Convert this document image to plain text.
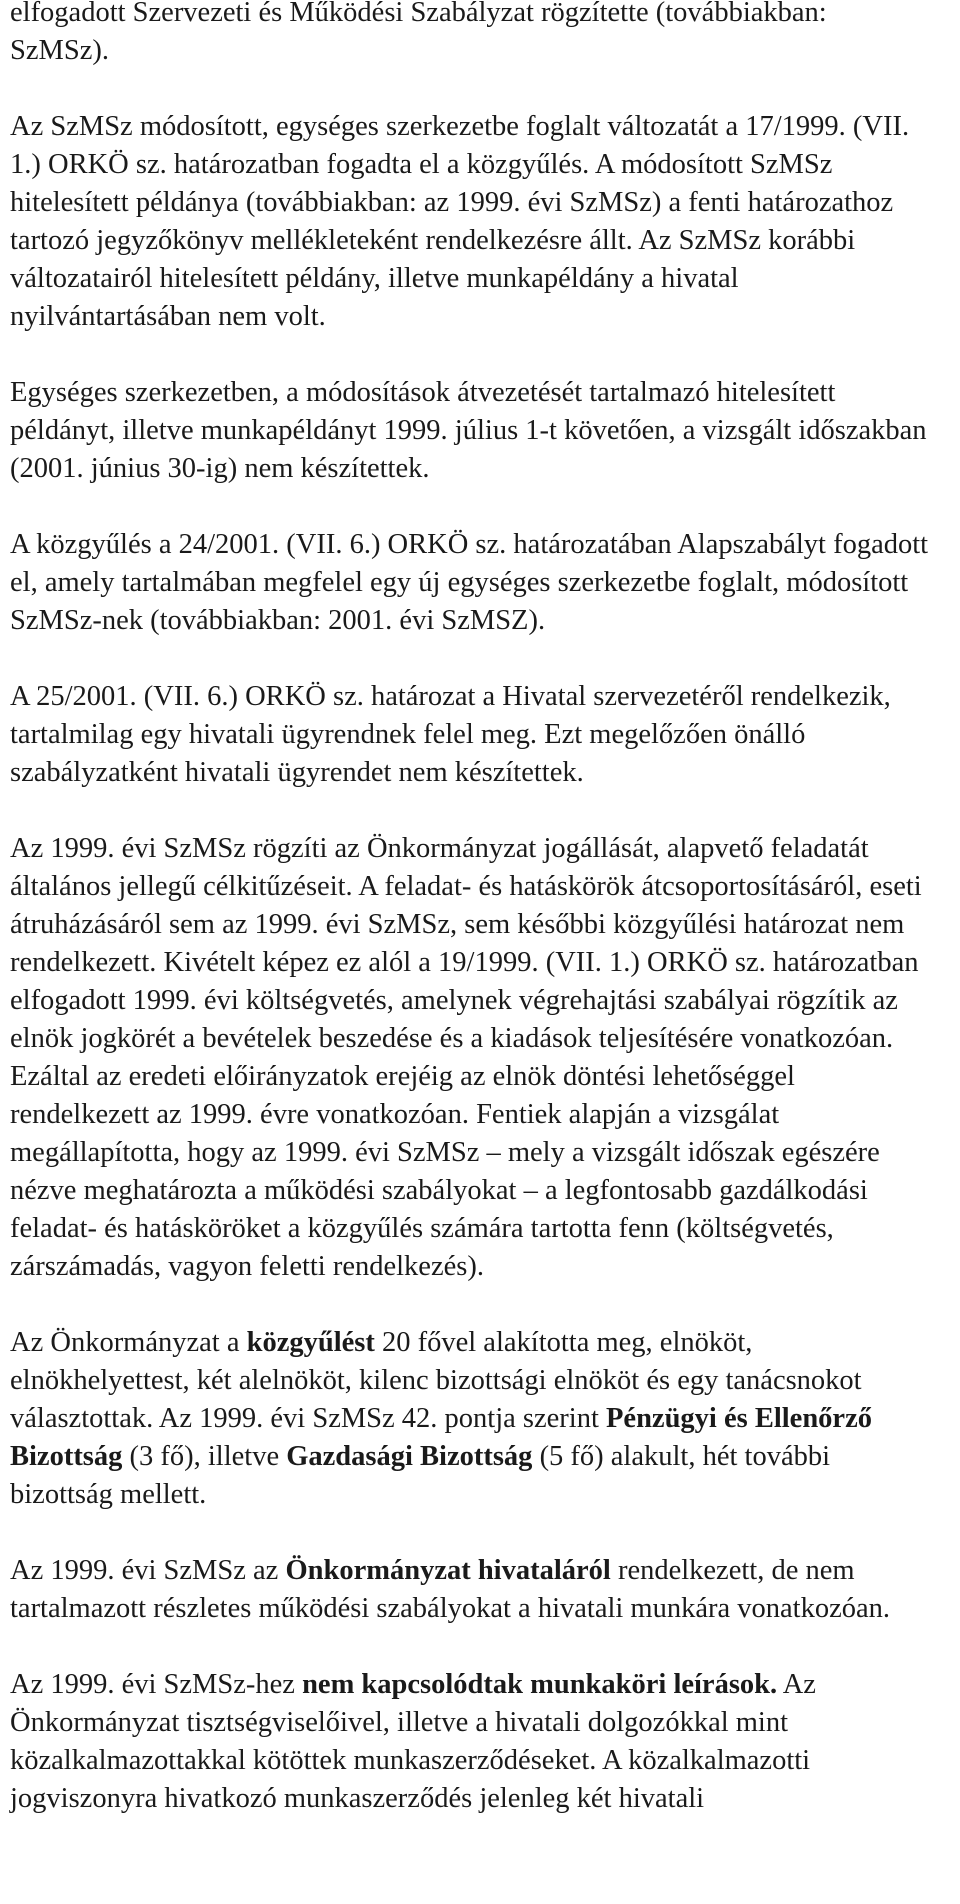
elfogadott Szervezeti és Működési Szabályzat rögzítette (továbbiakban: SzMSz).

Az SzMSz módosított, egységes szerkezetbe foglalt változatát a 17/1999. (VII. 1.) ORKÖ sz. határozatban fogadta el a közgyűlés. A módosított SzMSz hitelesített példánya (továbbiakban: az 1999. évi SzMSz) a fenti határozathoz tartozó jegyzőkönyv mellékleteként rendelkezésre állt. Az SzMSz korábbi változatairól hitelesített példány, illetve munkapéldány a hivatal nyilvántartásában nem volt.

Egységes szerkezetben, a módosítások átvezetését tartalmazó hitelesített példányt, illetve munkapéldányt 1999. július 1-t követően, a vizsgált időszakban (2001. június 30-ig) nem készítettek.

A közgyűlés a 24/2001. (VII. 6.) ORKÖ sz. határozatában Alapszabályt fogadott el, amely tartalmában megfelel egy új egységes szerkezetbe foglalt, módosított SzMSz-nek (továbbiakban: 2001. évi SzMSZ).

A 25/2001. (VII. 6.) ORKÖ sz. határozat a Hivatal szervezetéről rendelkezik, tartalmilag egy hivatali ügyrendnek felel meg. Ezt megelőzően önálló szabályzatként hivatali ügyrendet nem készítettek.

Az 1999. évi SzMSz rögzíti az Önkormányzat jogállását, alapvető feladatát általános jellegű célkitűzéseit. A feladat- és hatáskörök átcsoportosításáról, eseti átruházásáról sem az 1999. évi SzMSz, sem későbbi közgyűlési határozat nem rendelkezett. Kivételt képez ez alól a 19/1999. (VII. 1.) ORKÖ sz. határozatban elfogadott 1999. évi költségvetés, amelynek végrehajtási szabályai rögzítik az elnök jogkörét a bevételek beszedése és a kiadások teljesítésére vonatkozóan. Ezáltal az eredeti előirányzatok erejéig az elnök döntési lehetőséggel rendelkezett az 1999. évre vonatkozóan. Fentiek alapján a vizsgálat megállapította, hogy az 1999. évi SzMSz – mely a vizsgált időszak egészére nézve meghatározta a működési szabályokat – a legfontosabb gazdálkodási feladat- és hatásköröket a közgyűlés számára tartotta fenn (költségvetés, zárszámadás, vagyon feletti rendelkezés).

Az Önkormányzat a közgyűlést 20 fővel alakította meg, elnököt, elnökhelyettest, két alelnököt, kilenc bizottsági elnököt és egy tanácsnokot választottak. Az 1999. évi SzMSz 42. pontja szerint Pénzügyi és Ellenőrző Bizottság (3 fő), illetve Gazdasági Bizottság (5 fő) alakult, hét további bizottság mellett.

Az 1999. évi SzMSz az Önkormányzat hivataláról rendelkezett, de nem tartalmazott részletes működési szabályokat a hivatali munkára vonatkozóan.

Az 1999. évi SzMSz-hez nem kapcsolódtak munkaköri leírások. Az Önkormányzat tisztségviselőivel, illetve a hivatali dolgozókkal mint közalkalmazottakkal kötöttek munkaszerződéseket. A közalkalmazotti jogviszonyra hivatkozó munkaszerződés jelenleg két hivatali
